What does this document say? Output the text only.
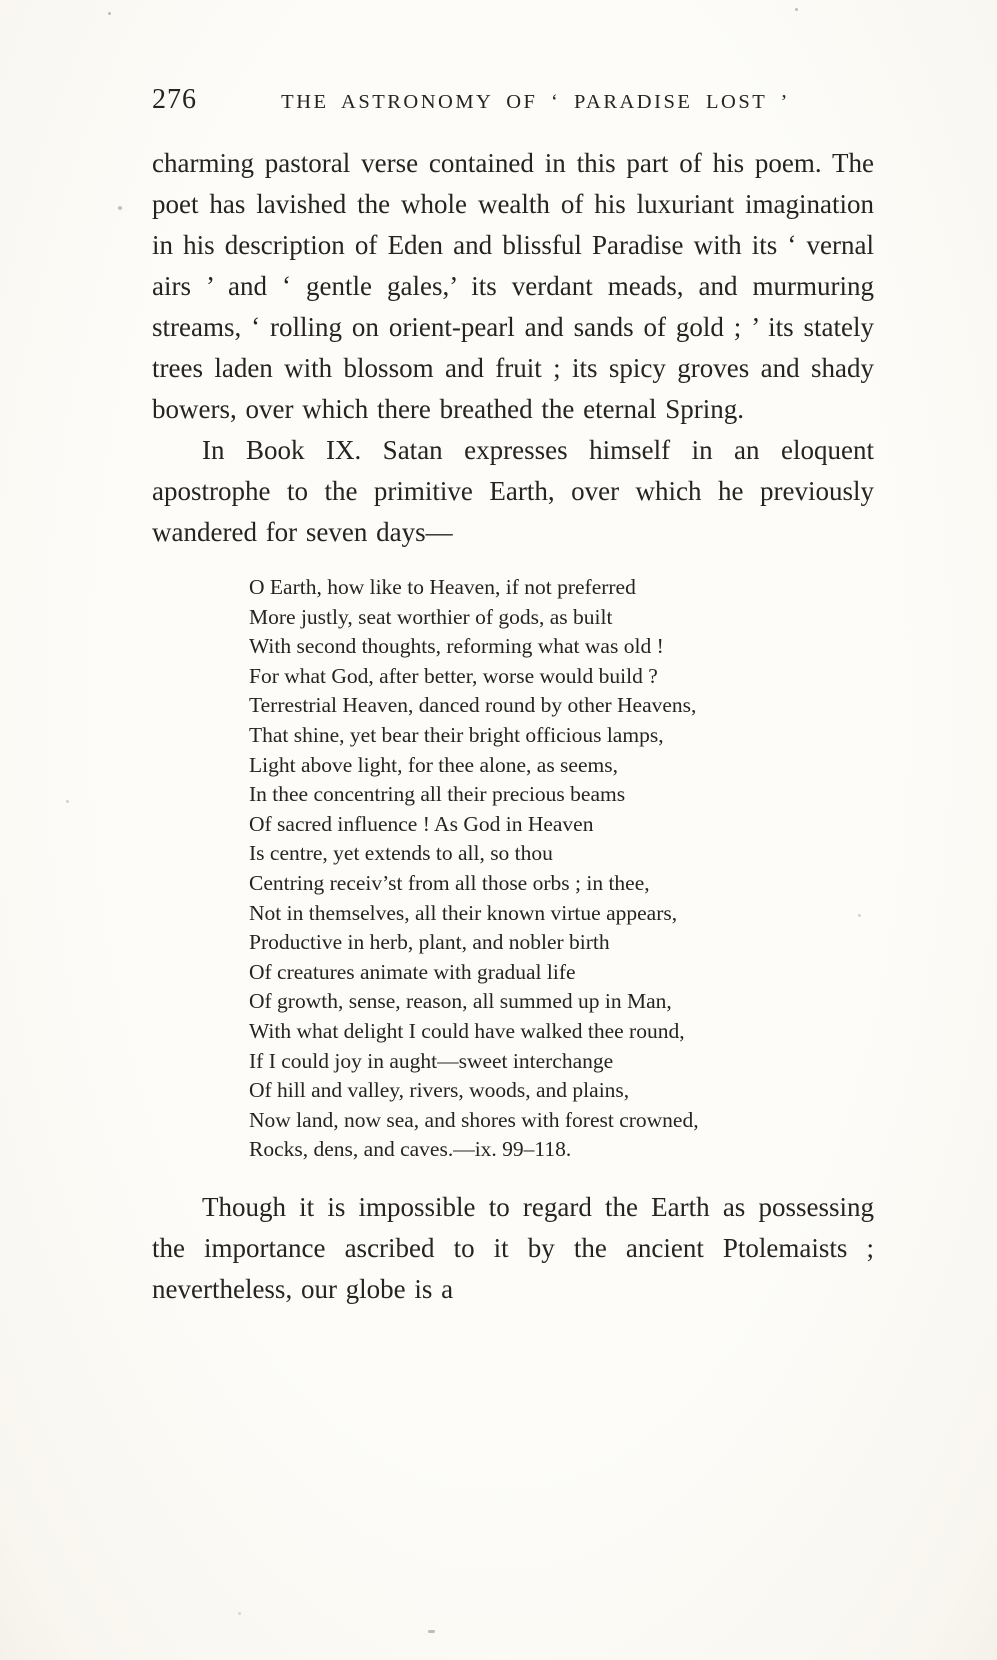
276	THE ASTRONOMY OF ‘ PARADISE LOST ’

charming pastoral verse contained in this part of his poem. The poet has lavished the whole wealth of his luxuriant imagination in his description of Eden and blissful Paradise with its ‘ vernal airs ’ and ‘ gentle gales,’ its verdant meads, and murmuring streams, ‘ rolling on orient-pearl and sands of gold ; ’ its stately trees laden with blossom and fruit ; its spicy groves and shady bowers, over which there breathed the eternal Spring.

In Book IX. Satan expresses himself in an eloquent apostrophe to the primitive Earth, over which he previously wandered for seven days—

O Earth, how like to Heaven, if not preferred
More justly, seat worthier of gods, as built
With second thoughts, reforming what was old !
For what God, after better, worse would build ?
Terrestrial Heaven, danced round by other Heavens,
That shine, yet bear their bright officious lamps,
Light above light, for thee alone, as seems,
In thee concentring all their precious beams
Of sacred influence ! As God in Heaven
Is centre, yet extends to all, so thou
Centring receiv’st from all those orbs ; in thee,
Not in themselves, all their known virtue appears,
Productive in herb, plant, and nobler birth
Of creatures animate with gradual life
Of growth, sense, reason, all summed up in Man,
With what delight I could have walked thee round,
If I could joy in aught—sweet interchange
Of hill and valley, rivers, woods, and plains,
Now land, now sea, and shores with forest crowned,
Rocks, dens, and caves.—ix. 99–118.

Though it is impossible to regard the Earth as possessing the importance ascribed to it by the ancient Ptolemaists ; nevertheless, our globe is a
